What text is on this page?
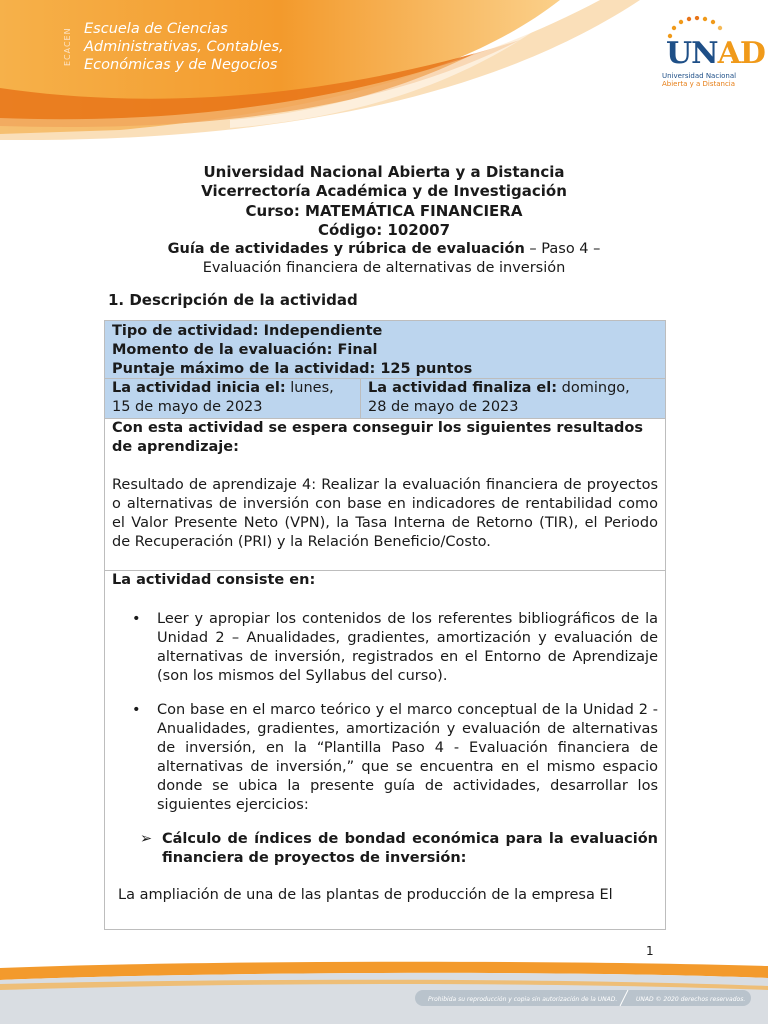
ECACEN Escuela de Ciencias
Administrativas, Contables,
Económicas y de Negocios	UNAD
Universidad Nacional
Abierta y a Distancia
Universidad Nacional Abierta y a Distancia
Vicerrectoría Académica y de Investigación
Curso: MATEMÁTICA FINANCIERA
Código: 102007
Guía de actividades y rúbrica de evaluación – Paso 4 –
Evaluación financiera de alternativas de inversión
1. Descripción de la actividad
Tipo de actividad: Independiente
Momento de la evaluación: Final
Puntaje máximo de la actividad: 125 puntos
La actividad inicia el: lunes,
15 de mayo de 2023
La actividad finaliza el: domingo,
28 de mayo de 2023
Con esta actividad se espera conseguir los siguientes resultados de aprendizaje:
Resultado de aprendizaje 4: Realizar la evaluación financiera de proyectos o alternativas de inversión con base en indicadores de rentabilidad como el Valor Presente Neto (VPN), la Tasa Interna de Retorno (TIR), el Periodo de Recuperación (PRI) y la Relación Beneficio/Costo.
La actividad consiste en:
• Leer y apropiar los contenidos de los referentes bibliográficos de la Unidad 2 – Anualidades, gradientes, amortización y evaluación de alternativas de inversión, registrados en el Entorno de Aprendizaje (son los mismos del Syllabus del curso).
• Con base en el marco teórico y el marco conceptual de la Unidad 2 - Anualidades, gradientes, amortización y evaluación de alternativas de inversión, en la “Plantilla Paso 4 - Evaluación financiera de alternativas de inversión,” que se encuentra en el mismo espacio donde se ubica la presente guía de actividades, desarrollar los siguientes ejercicios:
➢ Cálculo de índices de bondad económica para la evaluación financiera de proyectos de inversión:
La ampliación de una de las plantas de producción de la empresa El
1
Prohibida su reproducción y copia sin autorización de la UNAD.	UNAD © 2020 derechos reservados.
